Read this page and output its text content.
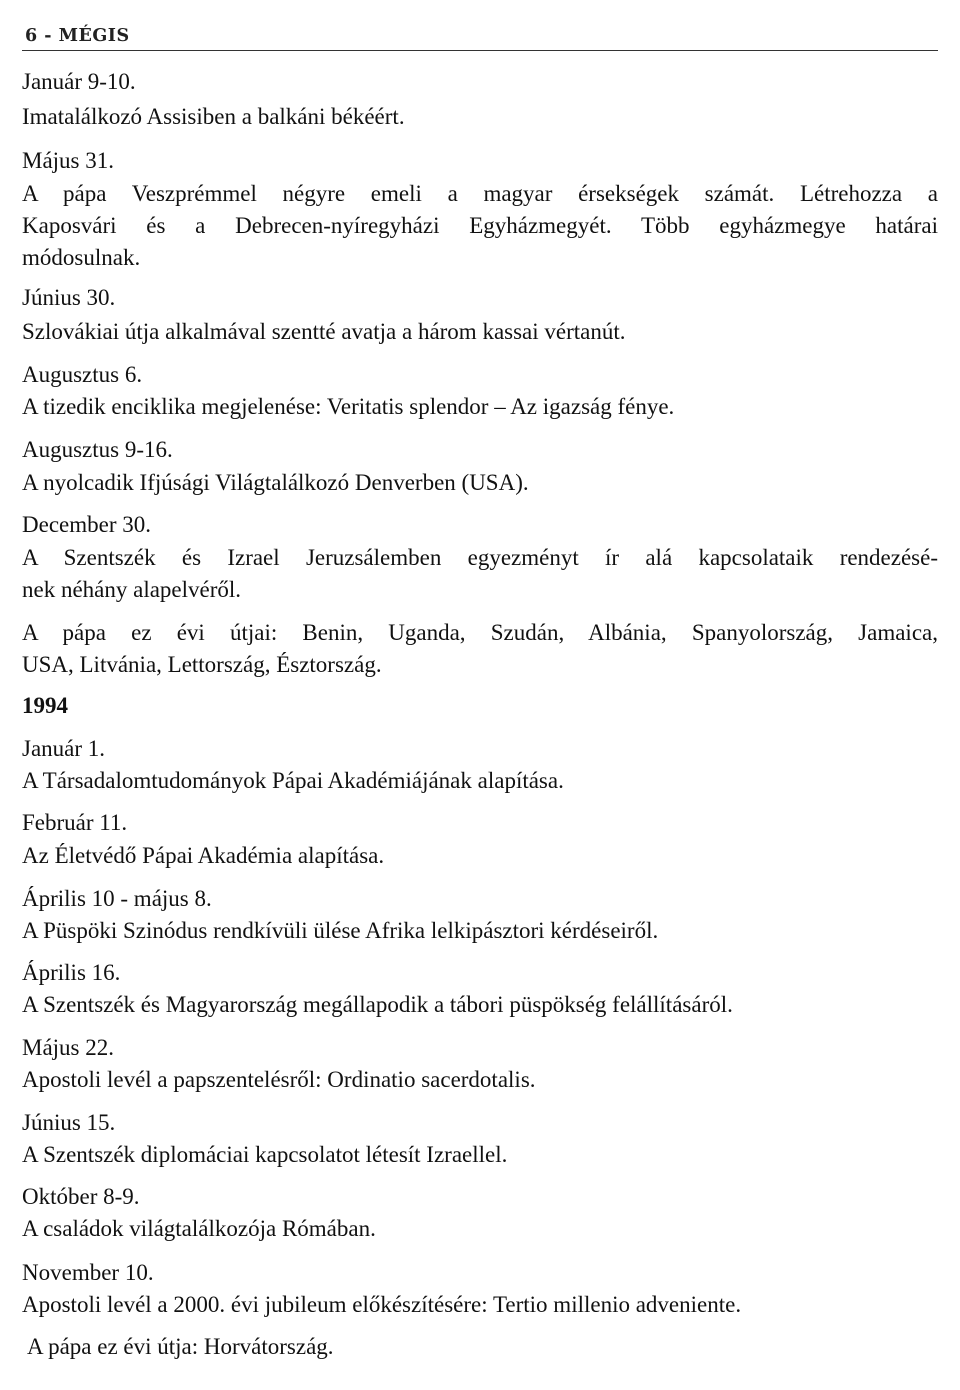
6 - MÉGIS
Január 9-10.
Imatalálkozó Assisiben a balkáni békéért.
Május 31.
A pápa Veszprémmel négyre emeli a magyar érsekségek számát. Létrehozza a
Kaposvári és a Debrecen-nyíregyházi Egyházmegyét. Több egyházmegye határai
módosulnak.
Június 30.
Szlovákiai útja alkalmával szentté avatja a három kassai vértanút.
Augusztus 6.
A tizedik enciklika megjelenése: Veritatis splendor – Az igazság fénye.
Augusztus 9-16.
A nyolcadik Ifjúsági Világtalálkozó Denverben (USA).
December 30.
A Szentszék és Izrael Jeruzsálemben egyezményt ír alá kapcsolataik rendezésé-
nek néhány alapelvéről.
A pápa ez évi útjai: Benin, Uganda, Szudán, Albánia, Spanyolország, Jamaica,
USA, Litvánia, Lettország, Észtország.
1994
Január 1.
A Társadalomtudományok Pápai Akadémiájának alapítása.
Február 11.
Az Életvédő Pápai Akadémia alapítása.
Április 10 - május 8.
A Püspöki Szinódus rendkívüli ülése Afrika lelkipásztori kérdéseiről.
Április 16.
A Szentszék és Magyarország megállapodik a tábori püspökség felállításáról.
Május 22.
Apostoli levél a papszentelésről: Ordinatio sacerdotalis.
Június 15.
A Szentszék diplomáciai kapcsolatot létesít Izraellel.
Október 8-9.
A családok világtalálkozója Rómában.
November 10.
Apostoli levél a 2000. évi jubileum előkészítésére: Tertio millenio adveniente.
A pápa ez évi útja: Horvátország.
